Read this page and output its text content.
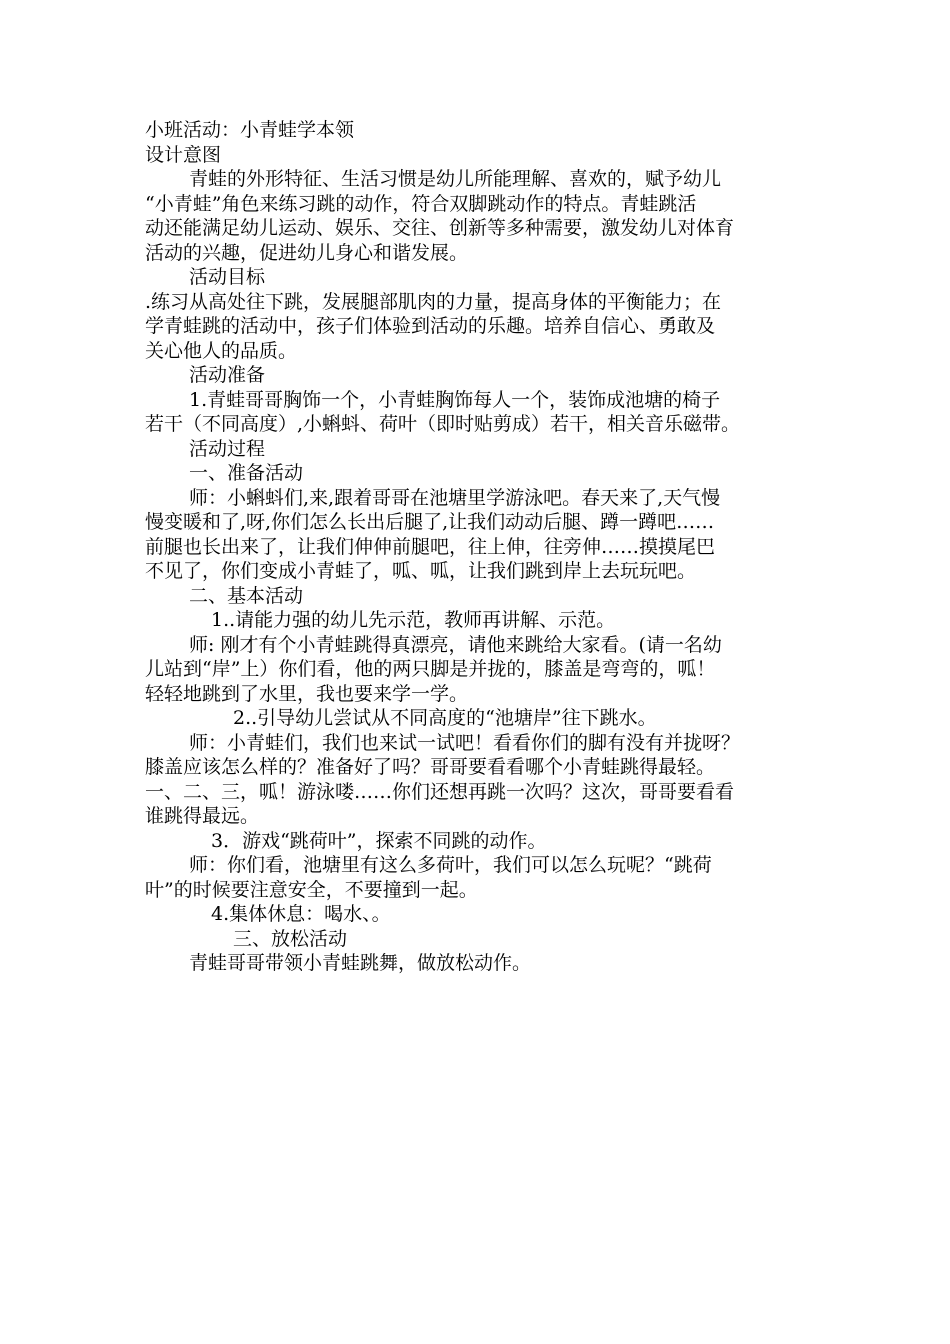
小班活动：小青蛙学本领
设计意图
青蛙的外形特征、生活习惯是幼儿所能理解、喜欢的，赋予幼儿
“小青蛙”角色来练习跳的动作，符合双脚跳动作的特点。青蛙跳活
动还能满足幼儿运动、娱乐、交往、创新等多种需要，激发幼儿对体育
活动的兴趣，促进幼儿身心和谐发展。
活动目标
.练习从高处往下跳，发展腿部肌肉的力量，提高身体的平衡能力；在
学青蛙跳的活动中，孩子们体验到活动的乐趣。培养自信心、勇敢及
关心他人的品质。
活动准备
1.青蛙哥哥胸饰一个，小青蛙胸饰每人一个，装饰成池塘的椅子
若干（不同高度）,小蝌蚪、荷叶（即时贴剪成）若干，相关音乐磁带。
活动过程
一、准备活动
师：小蝌蚪们,来,跟着哥哥在池塘里学游泳吧。春天来了,天气慢
慢变暖和了,呀,你们怎么长出后腿了,让我们动动后腿、蹲一蹲吧……
前腿也长出来了，让我们伸伸前腿吧，往上伸，往旁伸……摸摸尾巴
不见了，你们变成小青蛙了，呱、呱，让我们跳到岸上去玩玩吧。
二、基本活动
1..请能力强的幼儿先示范，教师再讲解、示范。
师: 刚才有个小青蛙跳得真漂亮，请他来跳给大家看。(请一名幼
儿站到“岸”上）你们看，他的两只脚是并拢的，膝盖是弯弯的，呱！
轻轻地跳到了水里，我也要来学一学。
2..引导幼儿尝试从不同高度的“池塘岸”往下跳水。
师：小青蛙们，我们也来试一试吧！看看你们的脚有没有并拢呀？
膝盖应该怎么样的？准备好了吗？哥哥要看看哪个小青蛙跳得最轻。
一、二、三，呱！游泳喽……你们还想再跳一次吗？这次，哥哥要看看
谁跳得最远。
3．游戏“跳荷叶”，探索不同跳的动作。
师：你们看，池塘里有这么多荷叶，我们可以怎么玩呢？“跳荷
叶”的时候要注意安全，不要撞到一起。
4.集体休息：喝水、。
三、放松活动
青蛙哥哥带领小青蛙跳舞，做放松动作。
